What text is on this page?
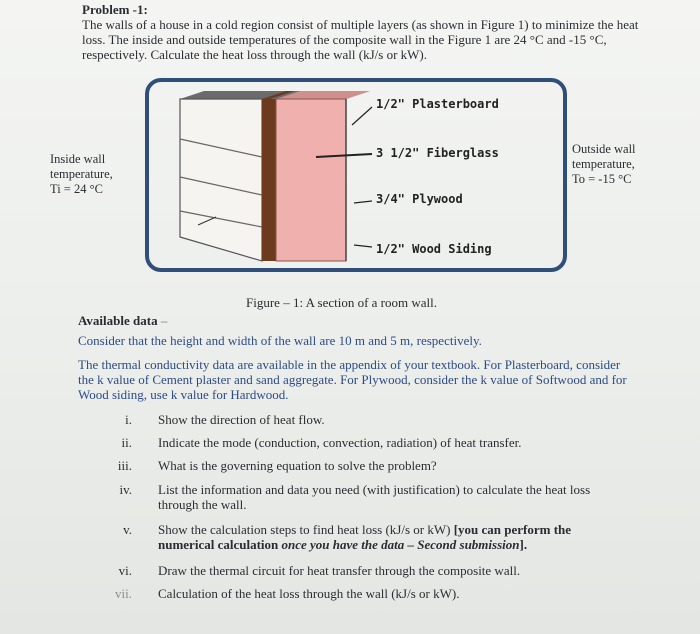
Problem -1:
The walls of a house in a cold region consist of multiple layers (as shown in Figure 1) to minimize the heat loss. The inside and outside temperatures of the composite wall in the Figure 1 are 24 °C and -15 °C, respectively. Calculate the heat loss through the wall (kJ/s or kW).
Inside wall
temperature,
Ti = 24 °C
Outside wall
temperature,
To = -15 °C
1/2" Plasterboard
3 1/2" Fiberglass
3/4" Plywood
1/2" Wood Siding
Figure – 1: A section of a room wall.
Available data –
Consider that the height and width of the wall are 10 m and 5 m, respectively.
The thermal conductivity data are available in the appendix of your textbook. For Plasterboard, consider the k value of Cement plaster and sand aggregate. For Plywood, consider the k value of Softwood and for Wood siding, use k value for Hardwood.
i. Show the direction of heat flow.
ii. Indicate the mode (conduction, convection, radiation) of heat transfer.
iii. What is the governing equation to solve the problem?
iv. List the information and data you need (with justification) to calculate the heat loss through the wall.
v. Show the calculation steps to find heat loss (kJ/s or kW) [you can perform the numerical calculation once you have the data – Second submission].
vi. Draw the thermal circuit for heat transfer through the composite wall.
vii. Calculation of the heat loss through the wall (kJ/s or kW).
